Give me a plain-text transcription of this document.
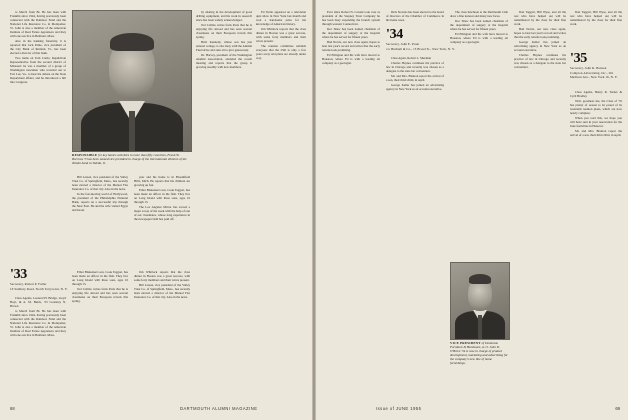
to March from Br. He has been with Franklin since 1944, having previously been connected with the Rainbow Fund and the National Life Insurance Co. in Montpelier, Vt. John is also a member of the American Institute of Real Estate Appraisers and they with one son live in Belmont, Mass.

Also in the banking fraternity, it is reported that Jack Paine, vice president of the City Bank of Rutland, Vt., has been elected a director of that bank.

Two items on Tom Curtis, Republican Representative from the second district of Missouri: he was a member of a group of Washington newsmen who traveled out to Fort Lee, Va., to hear the debate on the State Department affairs; and he introduced a bill into Congress.

RESPONSIBLE for key bank's activities in more than fifty countries, Frank W. Burrows '3 has been named vice president in charge of the international division of the Toledo bank in Toledo, O.

Bill Larsen, vice president of the Valley Trust Co. of Springfield, Mass., has recently been elected a director of the Mutual Fire Insurance Co. of that city. Also in the news.

In the fast-moving world of Hollywood, the president of the Philadelphia National Bank, reports on a successful trip through the Near East. He and his wife visited Egypt and Israel.

year and his home is in Bloomfield Hills, Mich. He reports that his children are growing up fast.

Elliot Blakeslee's son, Cook Taggart, has been made an officer in the firm. They live on Long Island with three sons, ages 10 through 15.

The Los Angeles Mirror has scored a major scoop of the week with the help of one of our classmates, whose long experience in the newspaper field has paid off.

by sharing in the development of good drilling equipment, and his work in research since has been widely acknowledged.

Ted Collins writes from Paris that he is enjoying life abroad and has seen several classmates on their European travels this spring.

Herb Kennedy, whose son has just entered college, is also busy with the Alumni Fund drive and asks all to give generously.

Dr. Harvey, president of the Washington Alumni Association, attended the recent meeting and reports that the group is growing steadily with new members.

Ed Tuttle appeared on a television quiz show in New York last month and won a handsome prize for his knowledge of American history.

Jim Whitlock reports that the class dinner in Boston was a great success, with some forty members and their wives present.

The reunion committee reminds everyone that the 25th is only a few years away and plans are already under way.

'33
Secretary, Robert P. Fuller
10 Sudbury Road, North Tarrytown, N. Y.

Class Agents, Leonard H. Bridge, Lloyd Hoyt, & A. M. Buick, '33 Courtney N. Brown

to March from Br. He has been with Franklin since 1944, having previously been connected with the Rainbow Fund and the National Life Insurance Co. in Montpelier, Vt. John is also a member of the American Institute of Real Estate Appraisers and they with one son live in Belmont, Mass.

Elliot Blakeslee's son, Cook Taggart, has been made an officer in the firm. They live on Long Island with three sons, ages 10 through 15.

Ted Collins writes from Paris that he is enjoying life abroad and has seen several classmates on their European travels this spring.

Jim Whitlock reports that the class dinner in Boston was a great success, with some forty members and their wives present.

Bill Larsen, vice president of the Valley Trust Co. of Springfield, Mass., has recently been elected a director of the Mutual Fire Insurance Co. of that city. Also in the news.

68	DARTMOUTH ALUMNI MAGAZINE

Ever since Robert N. Conant took over as president of the Stepney Trust Company he has been busy expanding the branch system through western Connecticut.

Doc Shaw has been named chairman of the department of surgery at the hospital where he has served for fifteen years.

Bud Norris, our new class agent, hopes to beat last year's record and writes that the early returns look promising.

Ed Ellington and his wife have moved to Houston, where Ed is with a leading oil company as a geologist.

'34
Secretary, John E. Prout
c/o Burham & Co., 15 Broad St., New York, N. Y.

Dick Stevens has been elected to the board of directors of the Chamber of Commerce in his home town.

Class Agent, Robert L. Sherman

Charles Haynes continues his practice of law in Chicago and recently was chosen as a delegate to the state bar convention.

Mr. and Mrs. Blanton report the arrival of a son, their third child, in April.

George Keller has joined an advertising agency in New York as an account executive.

The class luncheon at the Dartmouth Club drew a fine turnout and many new faces.

Doc Shaw has been named chairman of the department of surgery at the hospital where he has served for fifteen years.

Ed Ellington and his wife have moved to Houston, where Ed is with a leading oil company as a geologist.

VICE PRESIDENT of Dominion Furniture & Hardware, A. O. John D. O'Brien '34 is now in charge of product development, marketing and advertising for the company's new line of home furnishings.

Dan Taggart, Bill Wyse, and all the rest who have helped out will be remembered by the class for their fine work.

Bud Norris, our new class agent, hopes to beat last year's record and writes that the early returns look promising.

George Keller has joined an advertising agency in New York as an account executive.

Charles Haynes continues his practice of law in Chicago and recently was chosen as a delegate to the state bar convention.

Dan Taggart, Bill Wyse, and all the rest who have helped out will be remembered by the class for their fine work.

'35
Secretary, John K. Benson
Compton Advertising, Inc., 261 Madison Ave., New York 16, N. Y.

Class Agents, Henry R. Turner & Cyril Bradley

Well, goodness me, the Class of '35 has plenty of reason to be proud of its twentieth reunion plans, which are now nearly complete.

When you read this, we hope you will have sent in your reservation for the June festivities in Hanover.

Mr. and Mrs. Blanton report the arrival of a son, their third child, in April.

Issue of JUNE 1955	69
